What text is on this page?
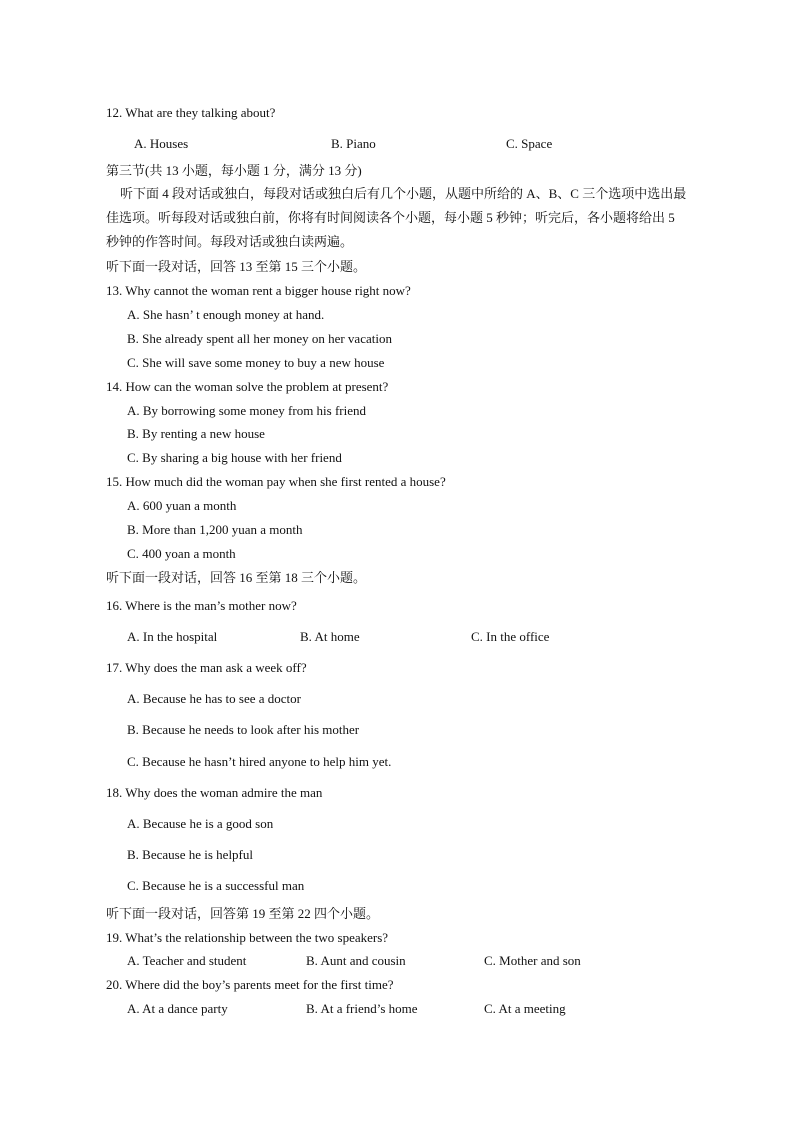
12. What are they talking about?
A. Houses	B. Piano	C. Space
第三节(共 13 小题，每小题 1 分，满分 13 分)
听下面 4 段对话或独白，每段对话或独白后有几个小题，从题中所给的 A、B、C 三个选项中选出最佳选项。听每段对话或独白前，你将有时间阅读各个小题，每小题 5 秒钟；听完后，各小题将给出 5 秒钟的作答时间。每段对话或独白读两遍。
听下面一段对话，回答 13 至第 15 三个小题。
13. Why cannot the woman rent a bigger house right now?
A. She hasn’ t enough money at hand.
B. She already spent all her money on her vacation
C. She will save some money to buy a new house
14. How can the woman solve the problem at present?
A. By borrowing some money from his friend
B. By renting a new house
C. By sharing a big house with her friend
15. How much did the woman pay when she first rented a house?
A. 600 yuan a month
B. More than 1,200 yuan a month
C. 400 yoan a month
听下面一段对话，回答 16 至第 18 三个小题。
16. Where is the man’s mother now?
A. In the hospital	B. At home	C. In the office
17. Why does the man ask a week off?
A. Because he has to see a doctor
B. Because he needs to look after his mother
C. Because he hasn’t hired anyone to help him yet.
18. Why does the woman admire the man
A. Because he is a good son
B. Because he is helpful
C. Because he is a successful man
听下面一段对话，回答第 19 至第 22 四个小题。
19. What’s the relationship between the two speakers?
A. Teacher and student	B. Aunt and cousin	C. Mother and son
20. Where did the boy’s parents meet for the first time?
A. At a dance party	B. At a friend’s home	C. At a meeting
